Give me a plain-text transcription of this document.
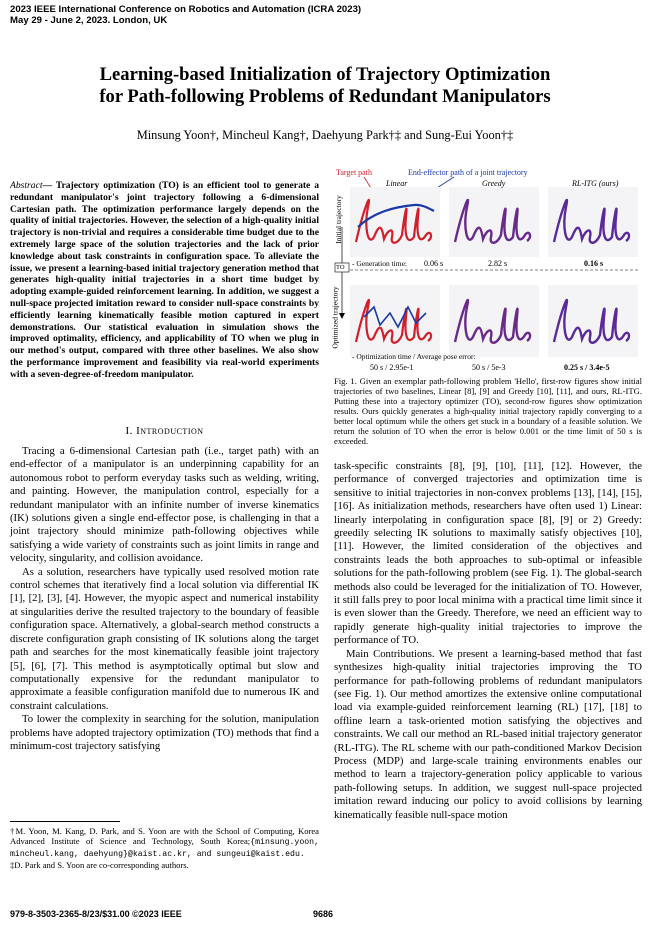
2023 IEEE International Conference on Robotics and Automation (ICRA 2023)
May 29 - June 2, 2023. London, UK
Learning-based Initialization of Trajectory Optimization
for Path-following Problems of Redundant Manipulators
Minsung Yoon†, Mincheul Kang†, Daehyung Park†‡ and Sung-Eui Yoon†‡
Abstract— Trajectory optimization (TO) is an efficient tool to generate a redundant manipulator's joint trajectory following a 6-dimensional Cartesian path. The optimization performance largely depends on the quality of initial trajectories. However, the selection of a high-quality initial trajectory is non-trivial and requires a considerable time budget due to the extremely large space of the solution trajectories and the lack of prior knowledge about task constraints in configuration space. To alleviate the issue, we present a learning-based initial trajectory generation method that generates high-quality initial trajectories in a short time budget by adopting example-guided reinforcement learning. In addition, we suggest a null-space projected imitation reward to consider null-space constraints by efficiently learning kinematically feasible motion captured in expert demonstrations. Our statistical evaluation in simulation shows the improved optimality, efficiency, and applicability of TO when we plug in our method's output, compared with three other baselines. We also show the performance improvement and feasibility via real-world experiments with a seven-degree-of-freedom manipulator.
I. Introduction

Tracing a 6-dimensional Cartesian path (i.e., target path) with an end-effector of a manipulator is an underpinning capability for an autonomous robot to perform everyday tasks such as welding, writing, and painting. However, the manipulation control, especially for a redundant manipulator with an infinite number of inverse kinematics (IK) solutions given a single end-effector pose, is challenging in that a joint trajectory should minimize path-following objectives while satisfying a wide variety of constraints such as joint limits in range and velocity, singularity, and collision avoidance.

As a solution, researchers have typically used resolved motion rate control schemes that iteratively find a local solution via differential IK [1], [2], [3], [4]. However, the myopic aspect and numerical instability at singularities derive the resulted trajectory to the boundary of feasible configuration space. Alternatively, a global-search method constructs a discrete configuration graph consisting of IK solutions along the target path and searches for the most kinematically feasible joint trajectory [5], [6], [7]. This method is asymptotically optimal but slow and computationally expensive for the redundant manipulator to approximate a feasible configuration manifold due to numerous IK and constraint calculations.

To lower the complexity in searching for the solution, manipulation problems have adopted trajectory optimization (TO) methods that find a minimum-cost trajectory satisfying

†M. Yoon, M. Kang, D. Park, and S. Yoon are with the School of Computing, Korea Advanced Institute of Science and Technology, South Korea;{minsung.yoon, mincheul.kang, daehyung}@kaist.ac.kr, and sungeui@kaist.edu.
‡D. Park and S. Yoon are co-corresponding authors.
Target path	End-effector path of a joint trajectory
Linear	Greedy	RL-ITG (ours)
Initial trajectory
Optimized trajectory
TO - Generation time: 0.06 s	2.82 s	0.16 s
- Optimization time / Average pose error:
50 s / 2.95e-1	50 s / 5e-3	0.25 s / 3.4e-5
Fig. 1. Given an exemplar path-following problem 'Hello', first-row figures show initial trajectories of two baselines, Linear [8], [9] and Greedy [10], [11], and ours, RL-ITG. Putting these into a trajectory optimizer (TO), second-row figures show optimization results. Ours quickly generates a high-quality initial trajectory rapidly converging to a better local optimum while the others get stuck in a boundary of a feasible solution. We return the solution of TO when the error is below 0.001 or the time limit of 50 s is exceeded.

task-specific constraints [8], [9], [10], [11], [12]. However, the performance of converged trajectories and optimization time is sensitive to initial trajectories in non-convex problems [13], [14], [15], [16]. As initialization methods, researchers have often used 1) Linear: linearly interpolating in configuration space [8], [9] or 2) Greedy: greedily selecting IK solutions to maximally satisfy objectives [10], [11]. However, the limited consideration of the objectives and constraints leads the both approaches to sub-optimal or infeasible solutions for the path-following problem (see Fig. 1). The global-search methods also could be leveraged for the initialization of TO. However, it still falls prey to poor local minima with a practical time limit since it is even slower than the Greedy. Therefore, we need an efficient way to rapidly generate high-quality initial trajectories to improve the performance of TO.

Main Contributions. We present a learning-based method that fast synthesizes high-quality initial trajectories improving the TO performance for path-following problems of redundant manipulators (see Fig. 1). Our method amortizes the extensive online computational load via example-guided reinforcement learning (RL) [17], [18] to offline learn a task-oriented motion satisfying the objectives and constraints. We call our method an RL-based initial trajectory generator (RL-ITG). The RL scheme with our path-conditioned Markov Decision Process (MDP) and large-scale training environments enables our method to learn a trajectory-generation policy applicable to various path-following setups. In addition, we suggest null-space projected imitation reward inducing our policy to avoid collisions by learning kinematically feasible null-space motion

979-8-3503-2365-8/23/$31.00 ©2023 IEEE	9686
